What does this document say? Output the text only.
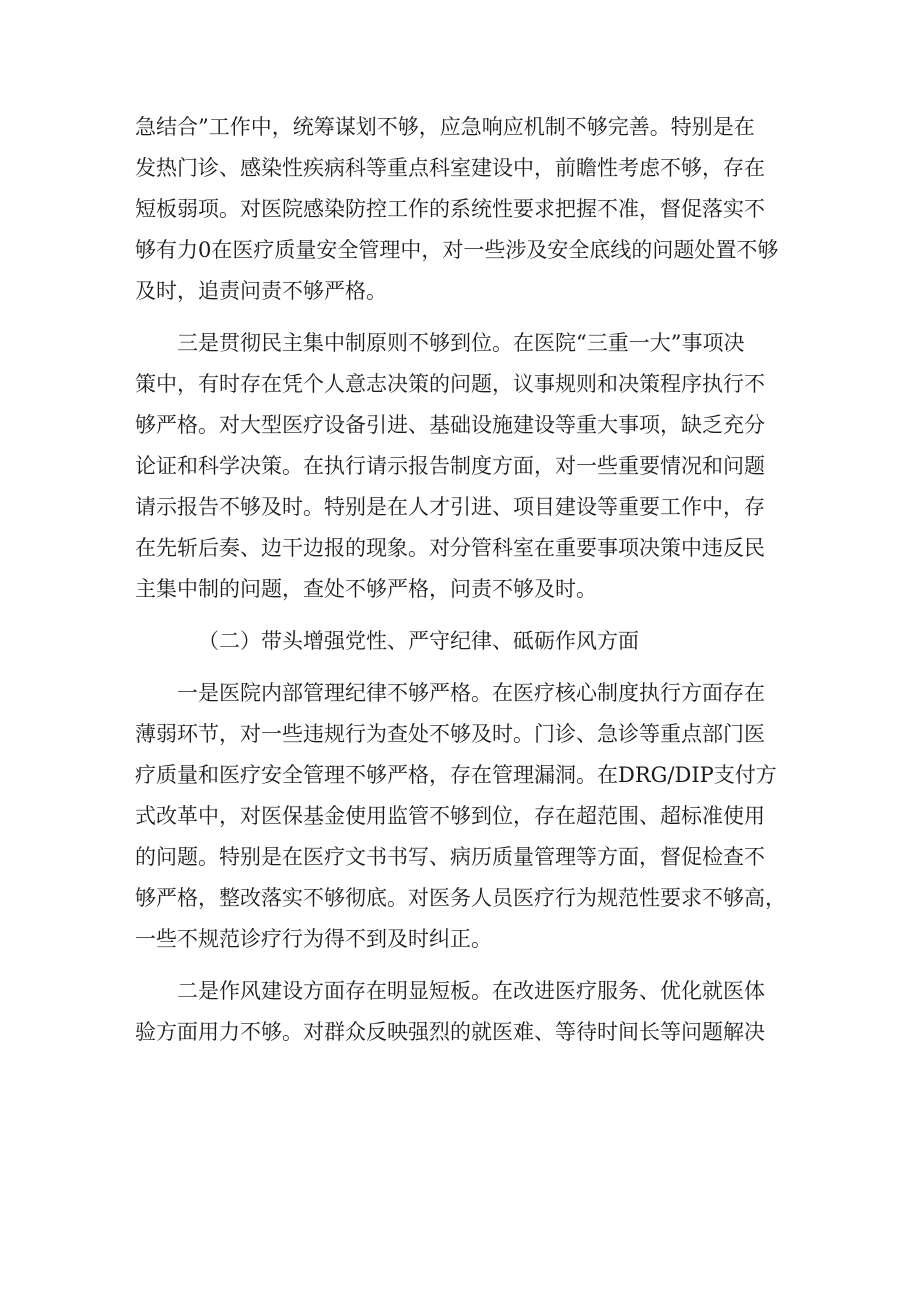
急结合”工作中，统筹谋划不够，应急响应机制不够完善。特别是在
发热门诊、感染性疾病科等重点科室建设中，前瞻性考虑不够，存在
短板弱项。对医院感染防控工作的系统性要求把握不准，督促落实不
够有力0在医疗质量安全管理中，对一些涉及安全底线的问题处置不够
及时，追责问责不够严格。

三是贯彻民主集中制原则不够到位。在医院“三重一大”事项决
策中，有时存在凭个人意志决策的问题，议事规则和决策程序执行不
够严格。对大型医疗设备引进、基础设施建设等重大事项，缺乏充分
论证和科学决策。在执行请示报告制度方面，对一些重要情况和问题
请示报告不够及时。特别是在人才引进、项目建设等重要工作中，存
在先斩后奏、边干边报的现象。对分管科室在重要事项决策中违反民
主集中制的问题，查处不够严格，问责不够及时。

（二）带头增强党性、严守纪律、砥砺作风方面

一是医院内部管理纪律不够严格。在医疗核心制度执行方面存在
薄弱环节，对一些违规行为查处不够及时。门诊、急诊等重点部门医
疗质量和医疗安全管理不够严格，存在管理漏洞。在DRG/DIP支付方
式改革中，对医保基金使用监管不够到位，存在超范围、超标准使用
的问题。特别是在医疗文书书写、病历质量管理等方面，督促检查不
够严格，整改落实不够彻底。对医务人员医疗行为规范性要求不够高，
一些不规范诊疗行为得不到及时纠正。

二是作风建设方面存在明显短板。在改进医疗服务、优化就医体
验方面用力不够。对群众反映强烈的就医难、等待时间长等问题解决
